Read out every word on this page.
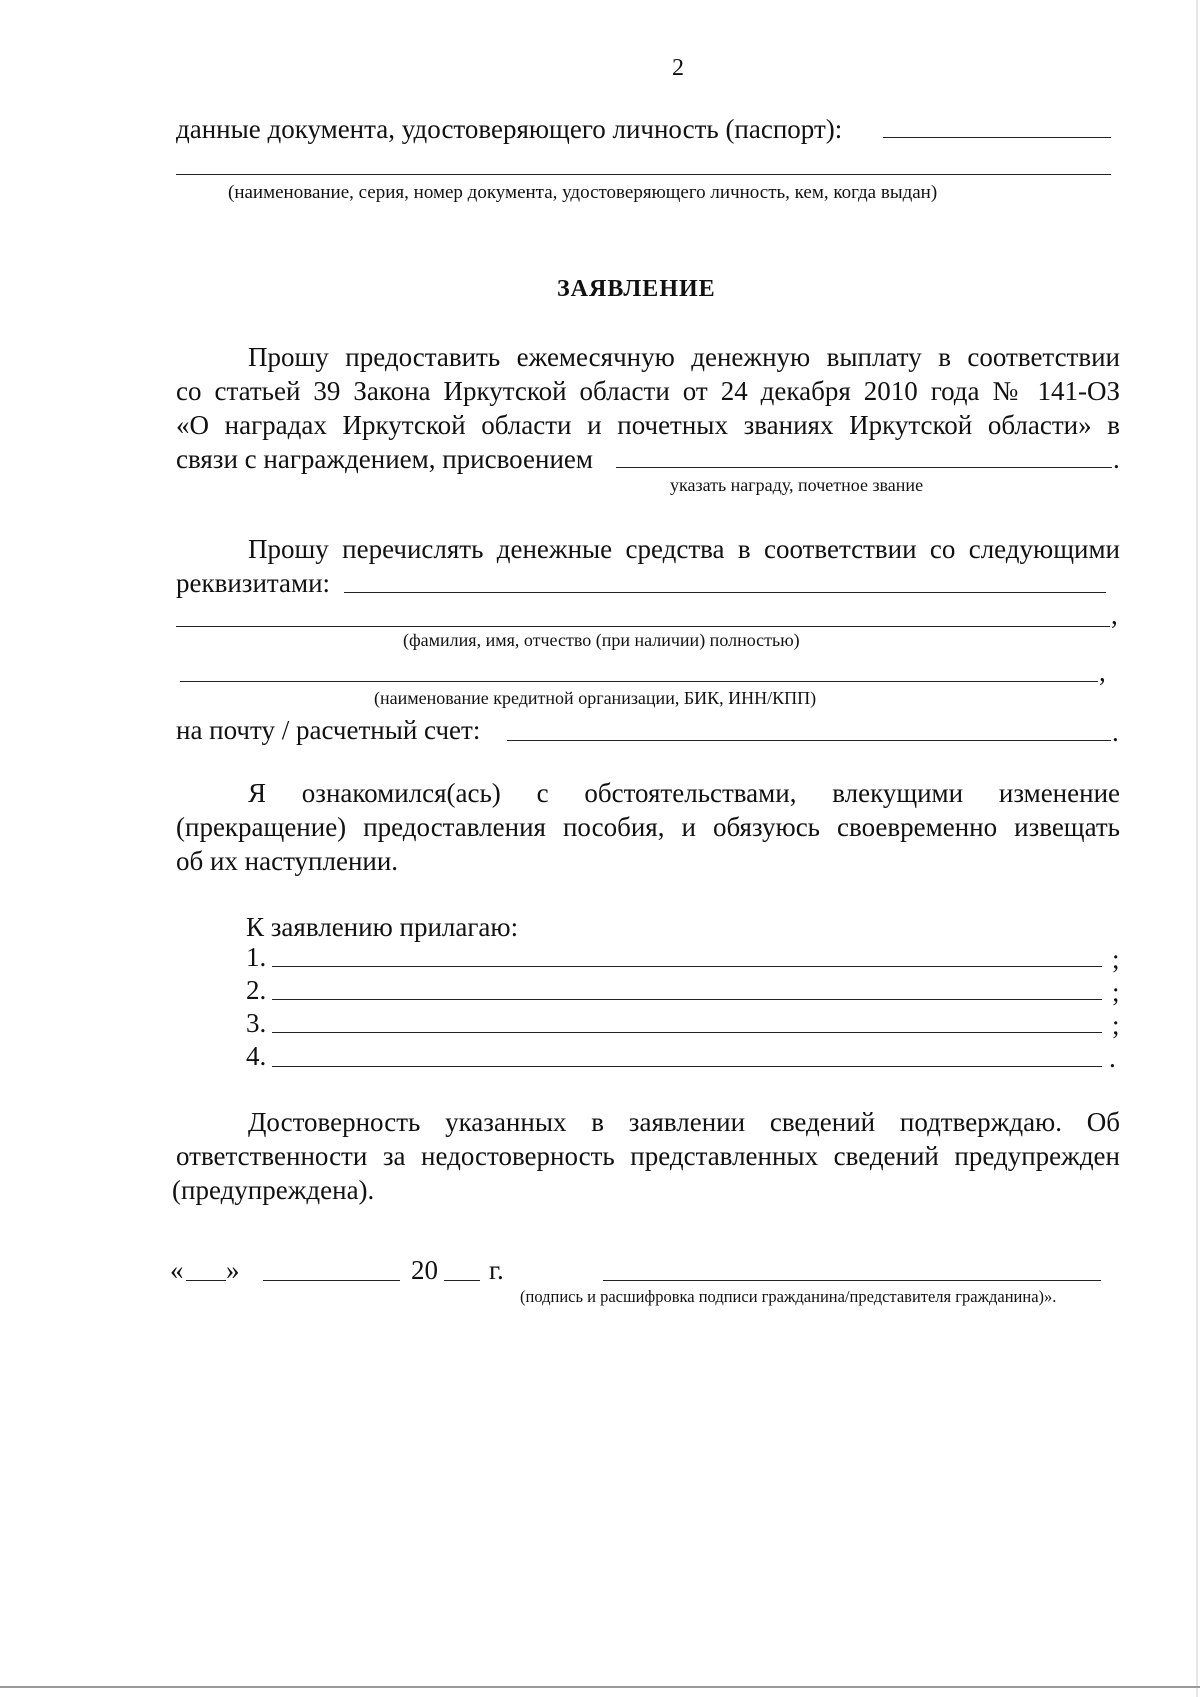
2
данные документа, удостоверяющего личность (паспорт):
(наименование, серия, номер документа, удостоверяющего личность, кем, когда выдан)
ЗАЯВЛЕНИЕ
Прошу предоставить ежемесячную денежную выплату в соответствии
со статьей 39 Закона Иркутской области от 24 декабря 2010 года № 141-ОЗ
«О наградах Иркутской области и почетных званиях Иркутской области» в
связи с награждением, присвоением	.
указать награду, почетное звание
Прошу перечислять денежные средства в соответствии со следующими
реквизитами:
,
(фамилия, имя, отчество (при наличии) полностью)
,
(наименование кредитной организации, БИК, ИНН/КПП)
на почту / расчетный счет:	.
Я ознакомился(ась) с обстоятельствами, влекущими изменение
(прекращение) предоставления пособия, и обязуюсь своевременно извещать
об их наступлении.
К заявлению прилагаю:
1.	;
2.	;
3.	;
4.	.
Достоверность указанных в заявлении сведений подтверждаю. Об
ответственности за недостоверность представленных сведений предупрежден
(предупреждена).
« »	20 г.
(подпись и расшифровка подписи гражданина/представителя гражданина)».
